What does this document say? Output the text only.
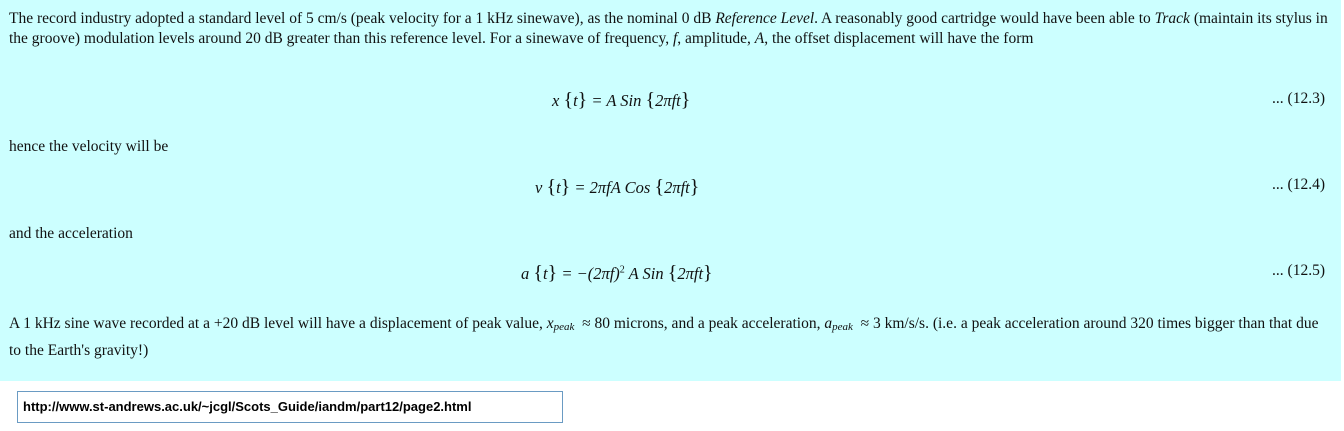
The record industry adopted a standard level of 5 cm/s (peak velocity for a 1 kHz sinewave), as the nominal 0 dB Reference Level. A reasonably good cartridge would have been able to Track (maintain its stylus in the groove) modulation levels around 20 dB greater than this reference level. For a sinewave of frequency, f, amplitude, A, the offset displacement will have the form
x {t} = A Sin {2πft}	... (12.3)
hence the velocity will be
v {t} = 2πfA Cos {2πft}	... (12.4)
and the acceleration
a $\{t\} = -(2\pi f)^2$ A Sin {2πft}	... (12.5)
A 1 kHz sine wave recorded at a +20 dB level will have a displacement of peak value, xpeak ≈ 80 microns, and a peak acceleration, apeak ≈ 3 km/s/s. (i.e. a peak acceleration around 320 times bigger than that due to the Earth's gravity!)
http://www.st-andrews.ac.uk/~jcgl/Scots_Guide/iandm/part12/page2.html
